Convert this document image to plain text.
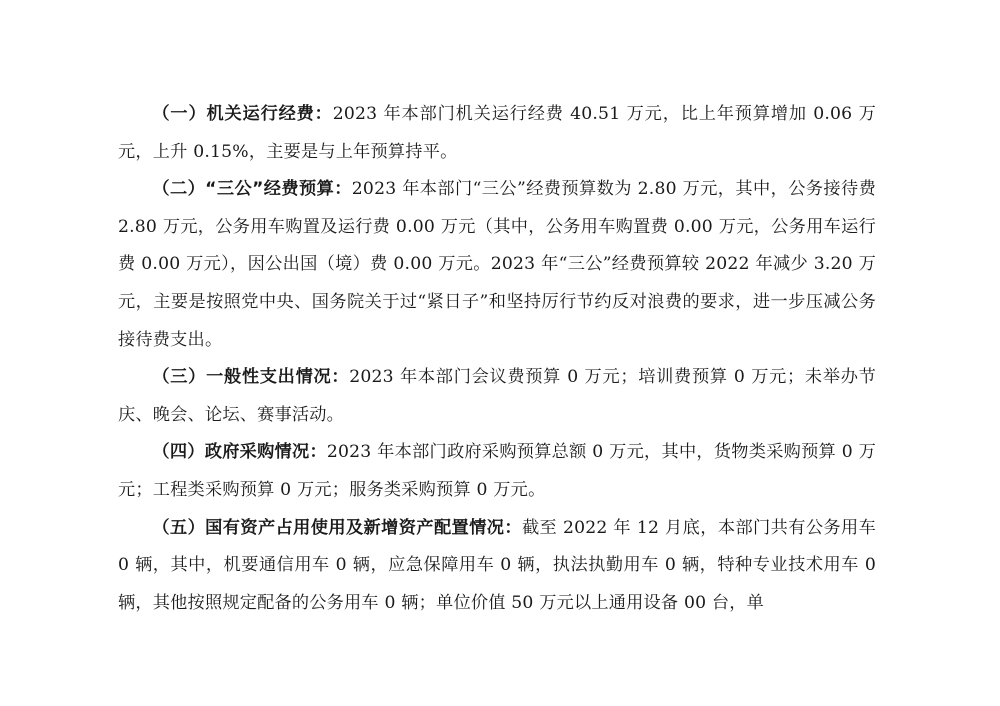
（一）机关运行经费：2023 年本部门机关运行经费 40.51 万元，比上年预算增加 0.06 万元，上升 0.15%，主要是与上年预算持平。

（二）“三公”经费预算：2023 年本部门“三公”经费预算数为 2.80 万元，其中，公务接待费 2.80 万元，公务用车购置及运行费 0.00 万元（其中，公务用车购置费 0.00 万元，公务用车运行费 0.00 万元），因公出国（境）费 0.00 万元。2023 年“三公”经费预算较 2022 年减少 3.20 万元，主要是按照党中央、国务院关于过“紧日子”和坚持厉行节约反对浪费的要求，进一步压减公务接待费支出。

（三）一般性支出情况：2023 年本部门会议费预算 0 万元；培训费预算 0 万元；未举办节庆、晚会、论坛、赛事活动。

（四）政府采购情况：2023 年本部门政府采购预算总额 0 万元，其中，货物类采购预算 0 万元；工程类采购预算 0 万元；服务类采购预算 0 万元。

（五）国有资产占用使用及新增资产配置情况：截至 2022 年 12 月底，本部门共有公务用车 0 辆，其中，机要通信用车 0 辆，应急保障用车 0 辆，执法执勤用车 0 辆，特种专业技术用车 0 辆，其他按照规定配备的公务用车 0 辆；单位价值 50 万元以上通用设备 00 台，单
